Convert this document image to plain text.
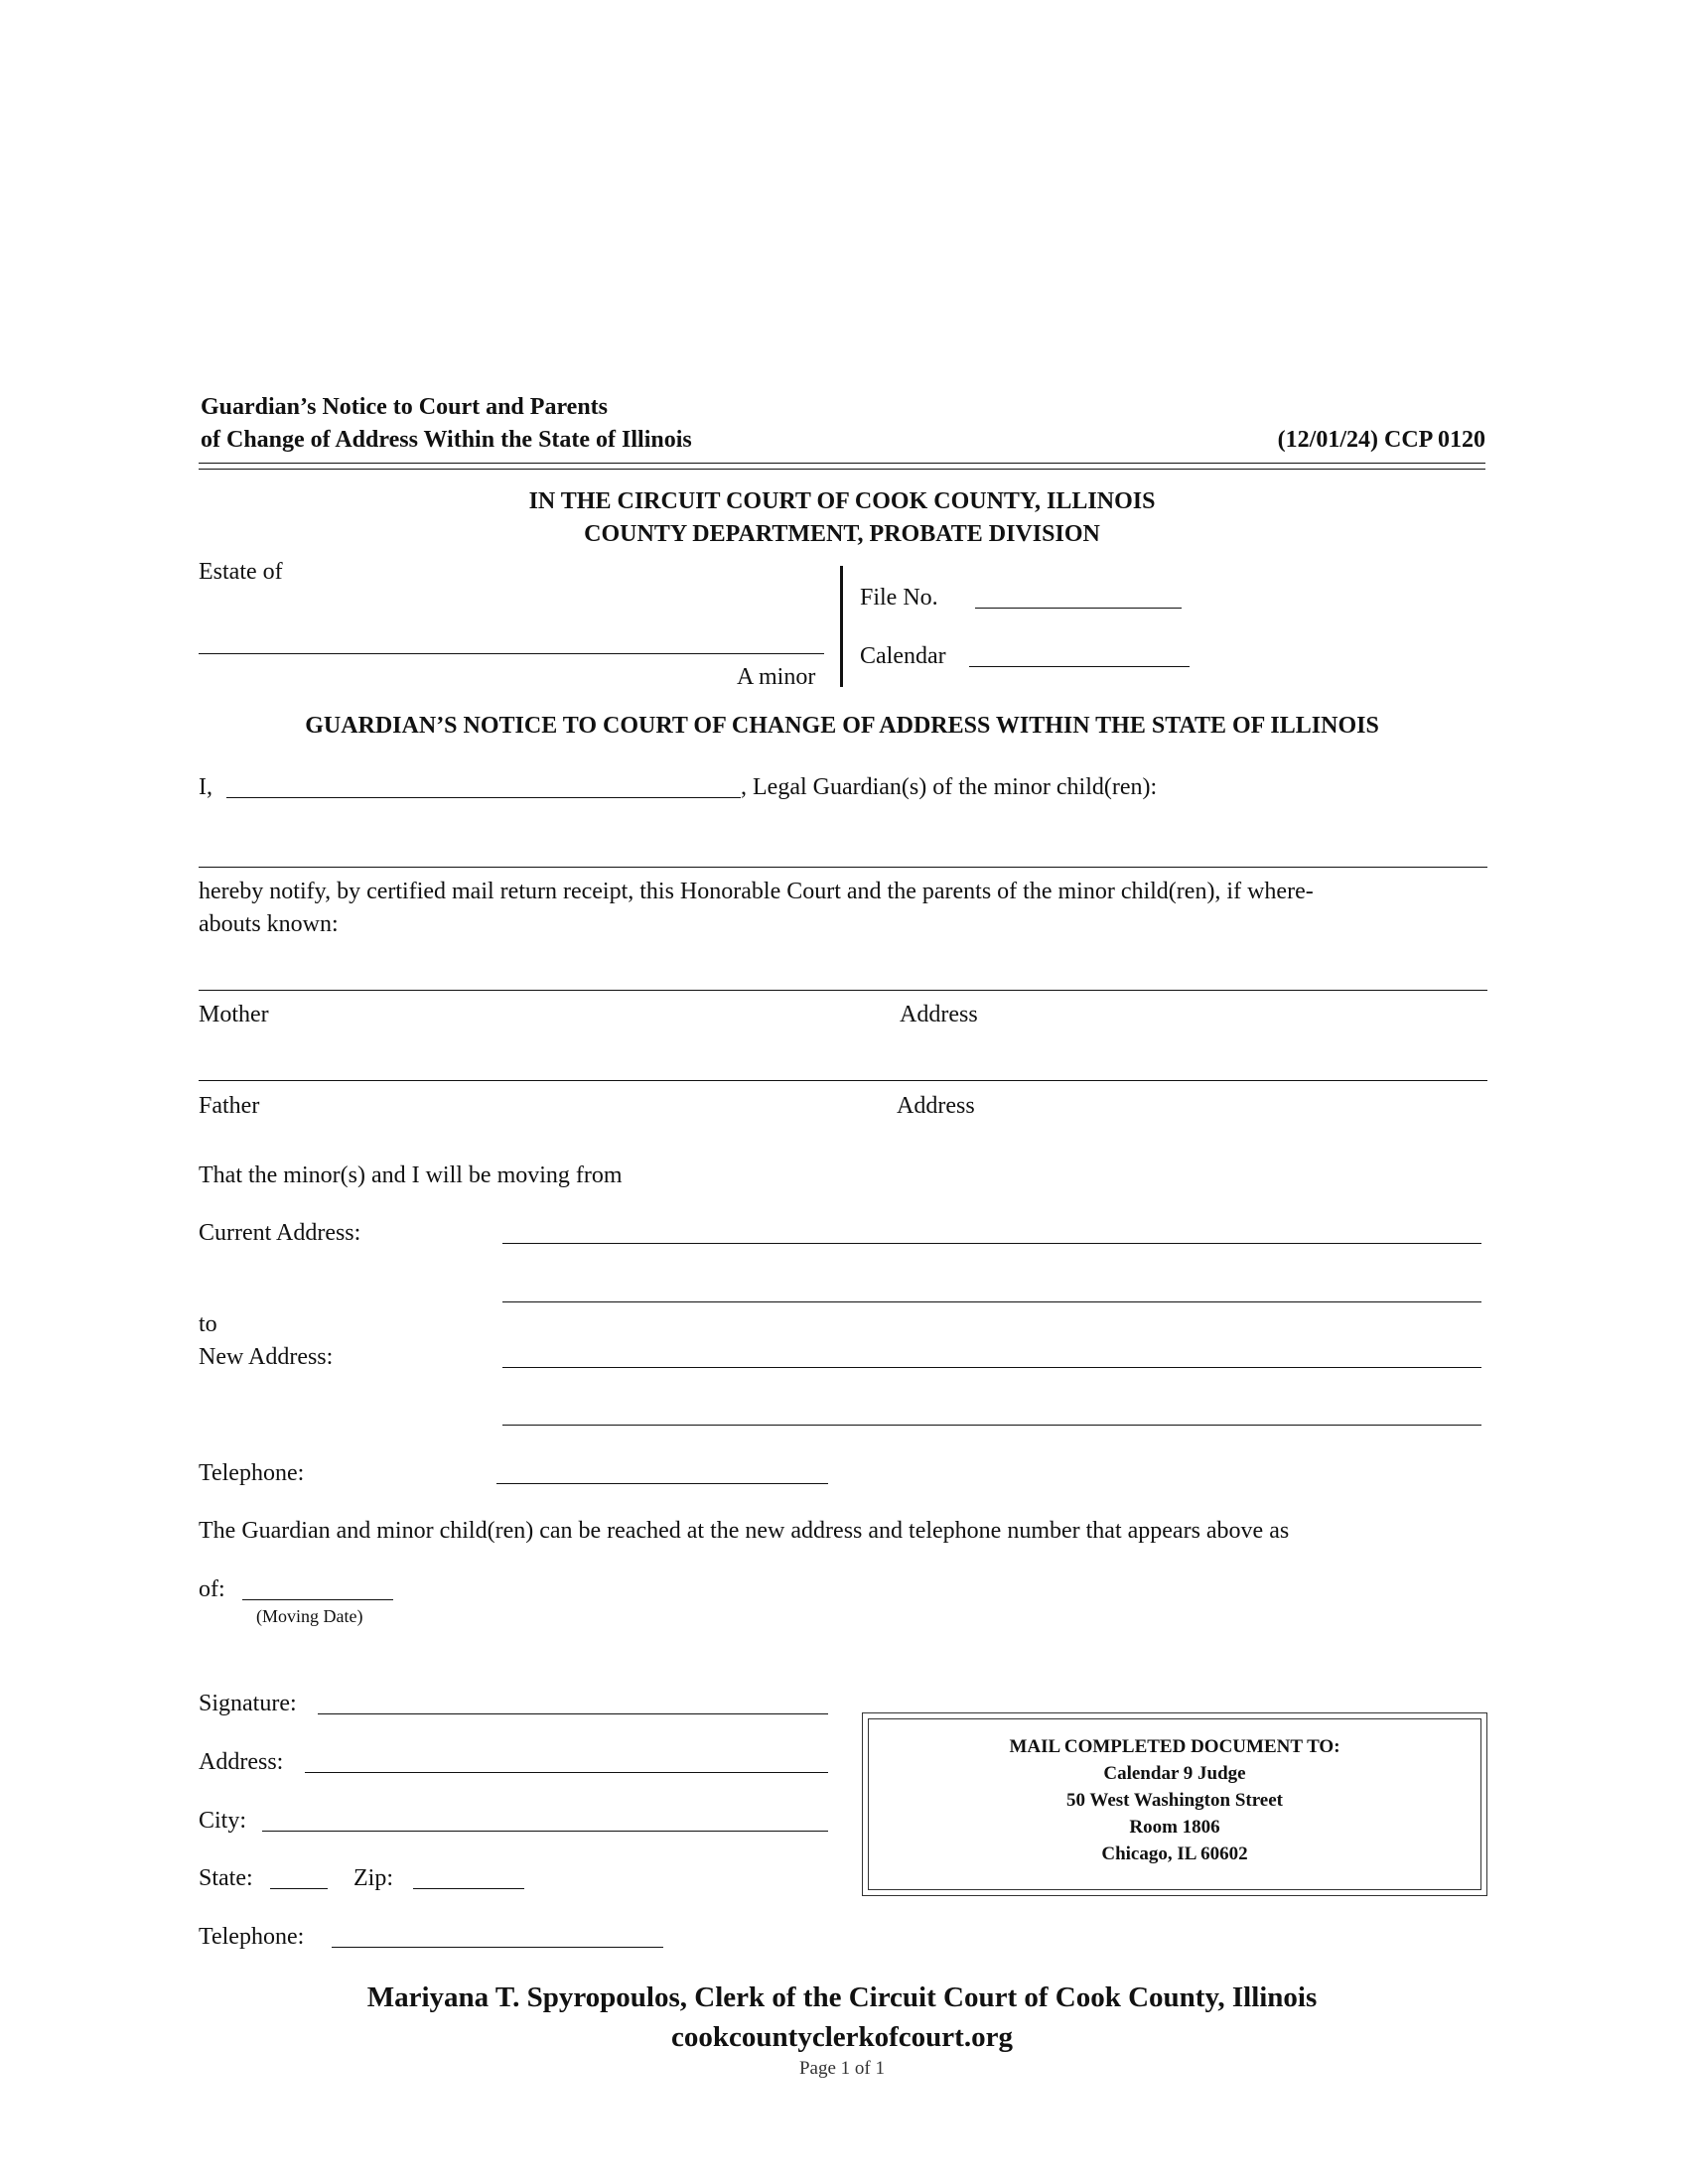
Guardian’s Notice to Court and Parents
of Change of Address Within the State of Illinois	(12/01/24) CCP 0120
IN THE CIRCUIT COURT OF COOK COUNTY, ILLINOIS
COUNTY DEPARTMENT, PROBATE DIVISION
Estate of
A minor
File No.
Calendar
GUARDIAN’S NOTICE TO COURT OF CHANGE OF ADDRESS WITHIN THE STATE OF ILLINOIS
I,	, Legal Guardian(s) of the minor child(ren):
hereby notify, by certified mail return receipt, this Honorable Court and the parents of the minor child(ren), if where-
abouts known:
Mother	Address
Father	Address
That the minor(s) and I will be moving from
Current Address:
to
New Address:
Telephone:
The Guardian and minor child(ren) can be reached at the new address and telephone number that appears above as
of:
(Moving Date)
Signature:
Address:
City:
State:	Zip:
Telephone:
MAIL COMPLETED DOCUMENT TO:
Calendar 9 Judge
50 West Washington Street
Room 1806
Chicago, IL 60602
Mariyana T. Spyropoulos, Clerk of the Circuit Court of Cook County, Illinois
cookcountyclerkofcourt.org
Page 1 of 1
